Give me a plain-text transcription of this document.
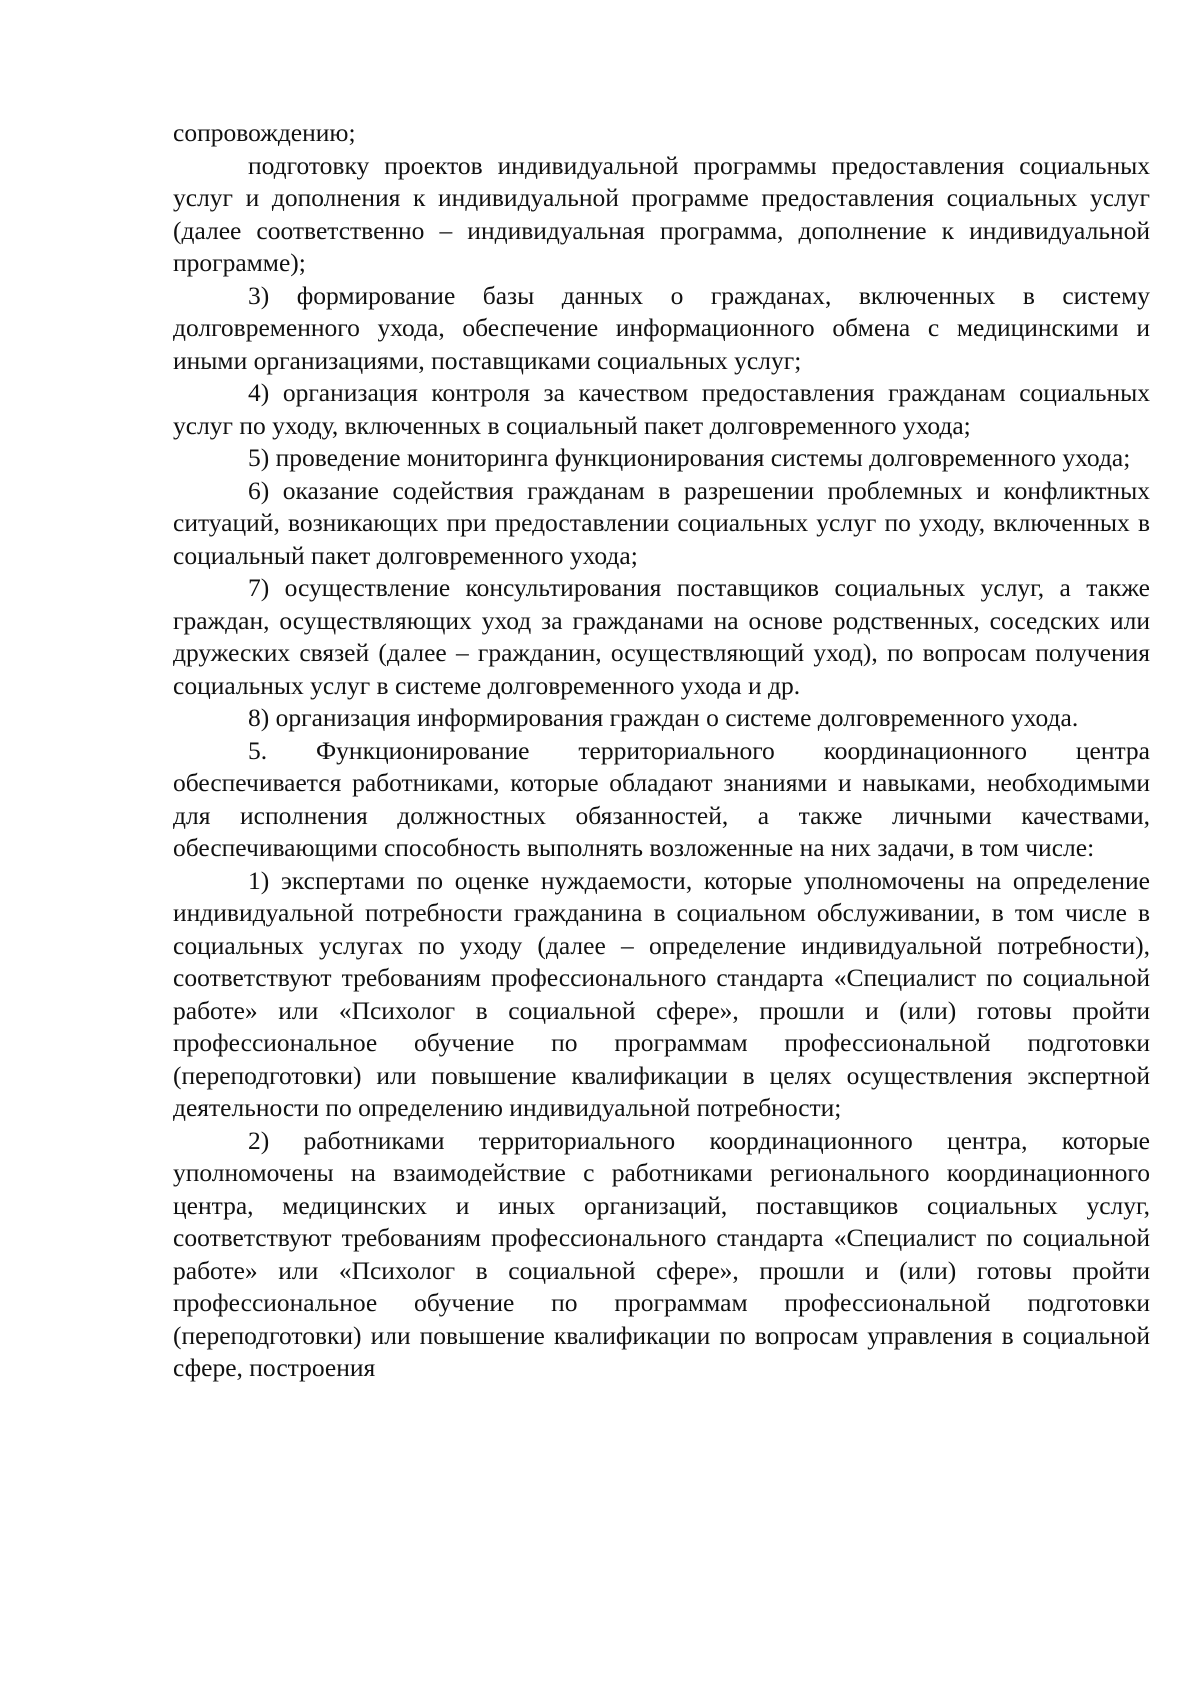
сопровождению;

подготовку проектов индивидуальной программы предоставления социальных услуг и дополнения к индивидуальной программе предоставления социальных услуг (далее соответственно – индивидуальная программа, дополнение к индивидуальной программе);

3) формирование базы данных о гражданах, включенных в систему долговременного ухода, обеспечение информационного обмена с медицинскими и иными организациями, поставщиками социальных услуг;

4) организация контроля за качеством предоставления гражданам социальных услуг по уходу, включенных в социальный пакет долговременного ухода;

5) проведение мониторинга функционирования системы долговременного ухода;

6) оказание содействия гражданам в разрешении проблемных и конфликтных ситуаций, возникающих при предоставлении социальных услуг по уходу, включенных в социальный пакет долговременного ухода;

7) осуществление консультирования поставщиков социальных услуг, а также граждан, осуществляющих уход за гражданами на основе родственных, соседских или дружеских связей (далее – гражданин, осуществляющий уход), по вопросам получения социальных услуг в системе долговременного ухода и др.

8) организация информирования граждан о системе долговременного ухода.

5. Функционирование территориального координационного центра обеспечивается работниками, которые обладают знаниями и навыками, необходимыми для исполнения должностных обязанностей, а также личными качествами, обеспечивающими способность выполнять возложенные на них задачи, в том числе:

1) экспертами по оценке нуждаемости, которые уполномочены на определение индивидуальной потребности гражданина в социальном обслуживании, в том числе в социальных услугах по уходу (далее – определение индивидуальной потребности), соответствуют требованиям профессионального стандарта «Специалист по социальной работе» или «Психолог в социальной сфере», прошли и (или) готовы пройти профессиональное обучение по программам профессиональной подготовки (переподготовки) или повышение квалификации в целях осуществления экспертной деятельности по определению индивидуальной потребности;

2) работниками территориального координационного центра, которые уполномочены на взаимодействие с работниками регионального координационного центра, медицинских и иных организаций, поставщиков социальных услуг, соответствуют требованиям профессионального стандарта «Специалист по социальной работе» или «Психолог в социальной сфере», прошли и (или) готовы пройти профессиональное обучение по программам профессиональной подготовки (переподготовки) или повышение квалификации по вопросам управления в социальной сфере, построения
